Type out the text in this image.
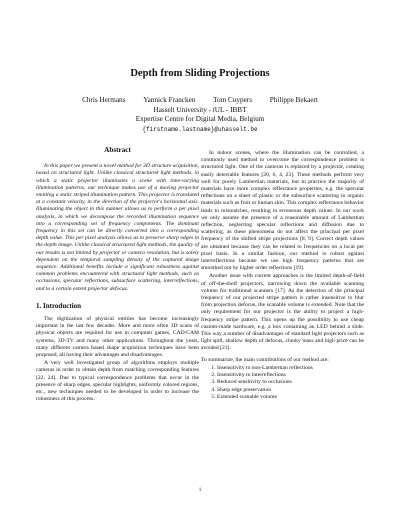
Depth from Sliding Projections
Chris Hermans Yannick Francken Tom Cuypers Philippe Bekaert
Hasselt University - tUL - IBBT
Expertise Centre for Digital Media, Belgium
{firstname.lastname}@uhasselt.be
Abstract

In this paper we present a novel method for 3D structure acquisition, based on structured light. Unlike classical structured light methods, in which a static projector illuminates a scene with time-varying illumination patterns, our technique makes use of a moving projector emitting a static striped illumination pattern. This projector is translated at a constant velocity, in the direction of the projector's horizontal axis. Illuminating the object in this manner allows us to perform a per pixel analysis, in which we decompose the recorded illumination sequence into a corresponding set of frequency components. The dominant frequency in this set can be directly converted into a corresponding depth value. This per pixel analysis allows us to preserve sharp edges in the depth image. Unlike classical structured light methods, the quality of our results is not limited by projector or camera resolution, but is solely dependent on the temporal sampling density of the captured image sequence. Additional benefits include a significant robustness against common problems encountered with structured light methods, such as occlusions, specular reflections, subsurface scattering, interreflections, and to a certain extent projector defocus.

1. Introduction

The digitization of physical entities has become increasingly important in the last few decades. More and more often 3D scans of physical objects are required for use in computer games, CAD/CAM systems, 3D-TV and many other applications. Throughout the years, many different camera based shape acquisition techniques have been proposed, all having their advantages and disadvantages.

A very well investigated group of algorithms employs multiple cameras in order to obtain depth from matching corresponding features [22, 24]. Due to typical correspondence problems that occur in the presence of sharp edges, specular highlights, uniformly colored regions, etc., new techniques needed to be developed in order to increase the robustness of this process.

In indoor scenes, where the illumination can be controlled, a commonly used method to overcome the correspondence problem is structured light. One of the cameras is replaced by a projector, creating easily detectable features [20, 6, 4, 23]. These methods perform very well for purely Lambertian materials, but in practice the majority of materials have more complex reflectance properties, e.g. the specular reflections on a sheet of plastic or the subsurface scattering in organic materials such as fruit or human skin. This complex reflectance behavior leads to mismatches, resulting in erroneous depth values. In our work we only assume the presence of a reasonable amount of Lambertian reflection, neglecting specular reflections and diffusion due to scattering, as these phenomena do not affect the principal per pixel frequency of the shifted stripe projections [8, 9]. Correct depth values are obtained because they can be related to frequencies on a local per pixel basis. In a similar fashion, our method is robust against interreflections because we use high frequency patterns that are smoothed out by higher order reflections [19].

Another issue with current approaches is the limited depth-of-field of off-the-shelf projectors, narrowing down the available scanning volume for traditional scanners [17]. As the detection of the principal frequency of our projected stripe pattern is rather insensitive to blur from projection defocus, the scanable volume is extended. Note that the only requirement for our projector is the ability to project a high-frequency stripe pattern. This opens up the possibility to use cheap custom-made hardware, e.g. a box containing an LED behind a slide. This way a number of disadvantages of standard light projectors such as light spill, shallow depth of defocus, clunky mass and high price can be avoided [21].

To summarize, the main contributions of our method are:

1. Insensitivity to non-Lambertian reflections
2. Insensitivity to interreflections
3. Reduced sensitivity to occlusions
4. Sharp edge preservation
5. Extended scanable volume
1
